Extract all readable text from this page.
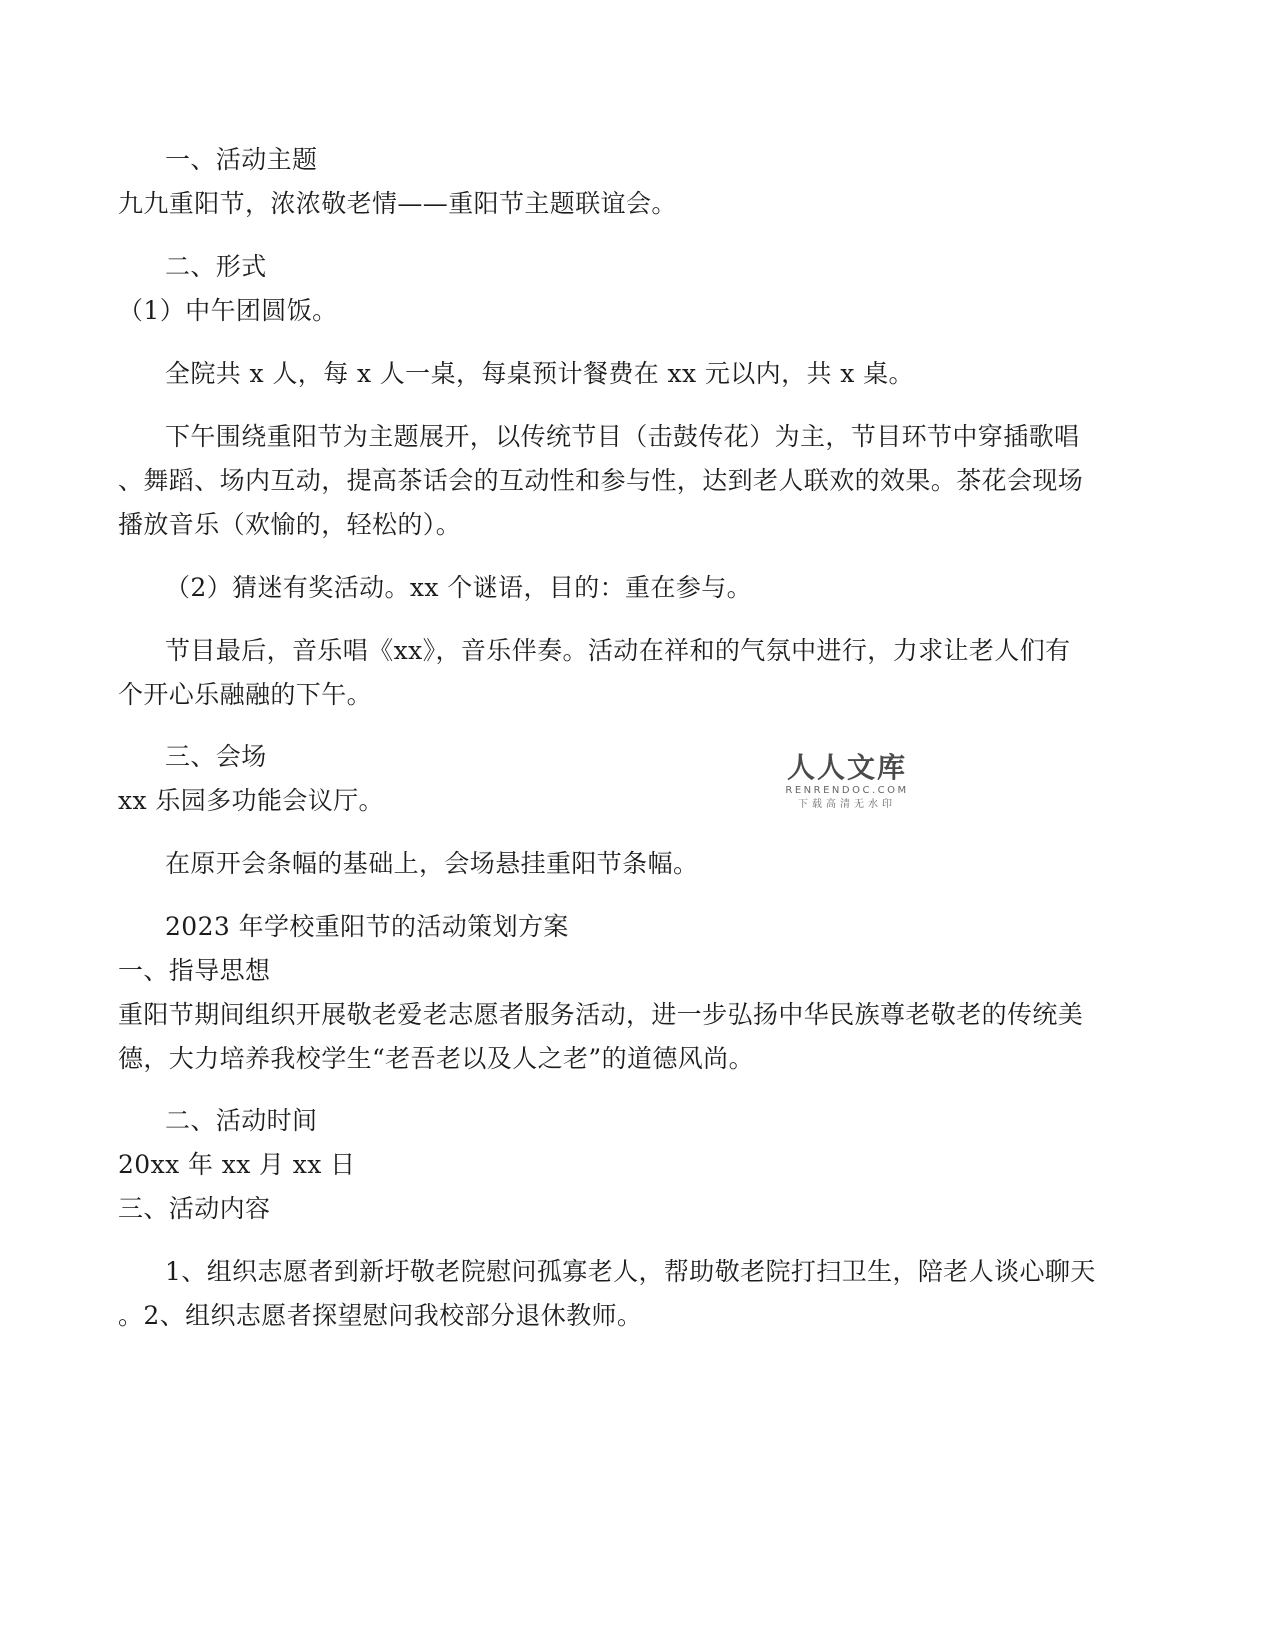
一、活动主题
九九重阳节，浓浓敬老情——重阳节主题联谊会。
二、形式
（1）中午团圆饭。
全院共 x 人，每 x 人一桌，每桌预计餐费在 xx 元以内，共 x 桌。
下午围绕重阳节为主题展开，以传统节目（击鼓传花）为主，节目环节中穿插歌唱
、舞蹈、场内互动，提高茶话会的互动性和参与性，达到老人联欢的效果。茶花会现场
播放音乐（欢愉的，轻松的）。
（2）猜迷有奖活动。xx 个谜语，目的：重在参与。
节目最后，音乐唱《xx》，音乐伴奏。活动在祥和的气氛中进行，力求让老人们有
个开心乐融融的下午。
三、会场
xx 乐园多功能会议厅。
在原开会条幅的基础上，会场悬挂重阳节条幅。
2023 年学校重阳节的活动策划方案
一、指导思想
重阳节期间组织开展敬老爱老志愿者服务活动，进一步弘扬中华民族尊老敬老的传统美
德，大力培养我校学生“老吾老以及人之老”的道德风尚。
二、活动时间
20xx 年 xx 月 xx 日
三、活动内容
1、组织志愿者到新圩敬老院慰问孤寡老人，帮助敬老院打扫卫生，陪老人谈心聊天
。2、组织志愿者探望慰问我校部分退休教师。
人人文库
RENRENDOC.COM
下载高清无水印
